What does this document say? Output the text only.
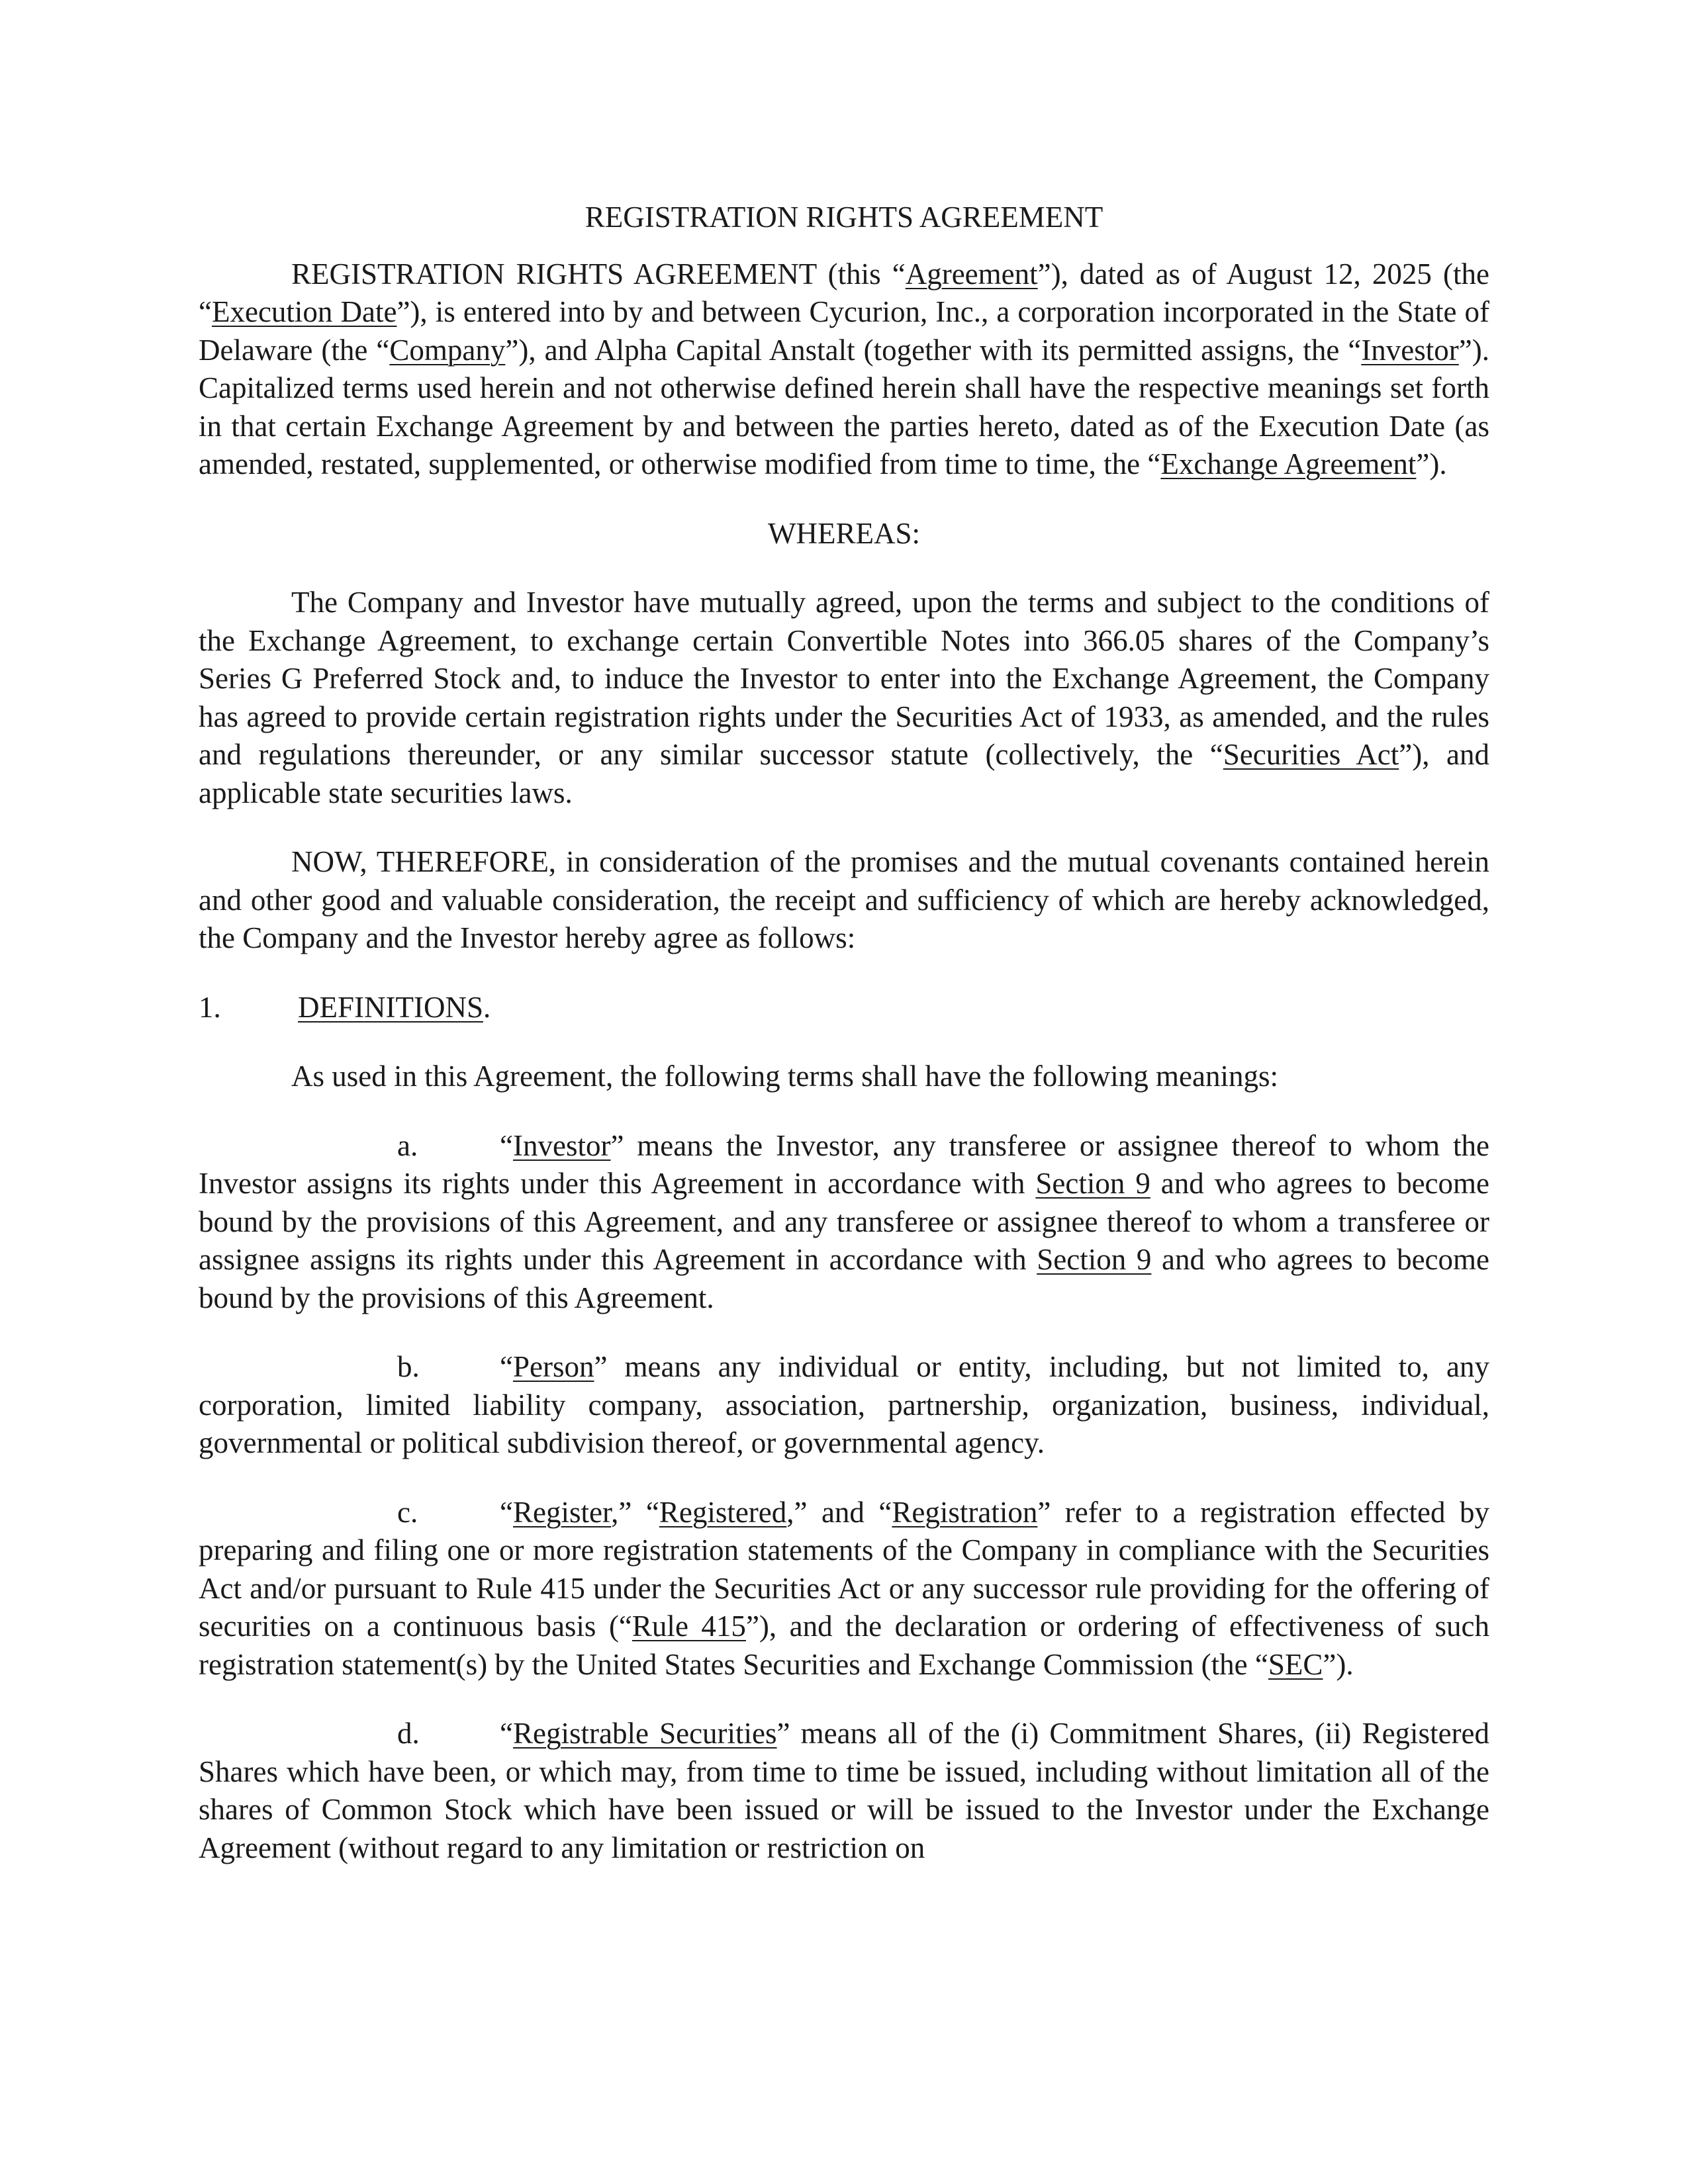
REGISTRATION RIGHTS AGREEMENT

REGISTRATION RIGHTS AGREEMENT (this “Agreement”), dated as of August 12, 2025 (the “Execution Date”), is entered into by and between Cycurion, Inc., a corporation incorporated in the State of Delaware (the “Company”), and Alpha Capital Anstalt (together with its permitted assigns, the “Investor”). Capitalized terms used herein and not otherwise defined herein shall have the respective meanings set forth in that certain Exchange Agreement by and between the parties hereto, dated as of the Execution Date (as amended, restated, supplemented, or otherwise modified from time to time, the “Exchange Agreement”).

WHEREAS:

The Company and Investor have mutually agreed, upon the terms and subject to the conditions of the Exchange Agreement, to exchange certain Convertible Notes into 366.05 shares of the Company’s Series G Preferred Stock and, to induce the Investor to enter into the Exchange Agreement, the Company has agreed to provide certain registration rights under the Securities Act of 1933, as amended, and the rules and regulations thereunder, or any similar successor statute (collectively, the “Securities Act”), and applicable state securities laws.

NOW, THEREFORE, in consideration of the promises and the mutual covenants contained herein and other good and valuable consideration, the receipt and sufficiency of which are hereby acknowledged, the Company and the Investor hereby agree as follows:

1.	DEFINITIONS.

As used in this Agreement, the following terms shall have the following meanings:

a.	“Investor” means the Investor, any transferee or assignee thereof to whom the Investor assigns its rights under this Agreement in accordance with Section 9 and who agrees to become bound by the provisions of this Agreement, and any transferee or assignee thereof to whom a transferee or assignee assigns its rights under this Agreement in accordance with Section 9 and who agrees to become bound by the provisions of this Agreement.

b.	“Person” means any individual or entity, including, but not limited to, any corporation, limited liability company, association, partnership, organization, business, individual, governmental or political subdivision thereof, or governmental agency.

c.	“Register,” “Registered,” and “Registration” refer to a registration effected by preparing and filing one or more registration statements of the Company in compliance with the Securities Act and/or pursuant to Rule 415 under the Securities Act or any successor rule providing for the offering of securities on a continuous basis (“Rule 415”), and the declaration or ordering of effectiveness of such registration statement(s) by the United States Securities and Exchange Commission (the “SEC”).

d.	“Registrable Securities” means all of the (i) Commitment Shares, (ii) Registered Shares which have been, or which may, from time to time be issued, including without limitation all of the shares of Common Stock which have been issued or will be issued to the Investor under the Exchange Agreement (without regard to any limitation or restriction on
